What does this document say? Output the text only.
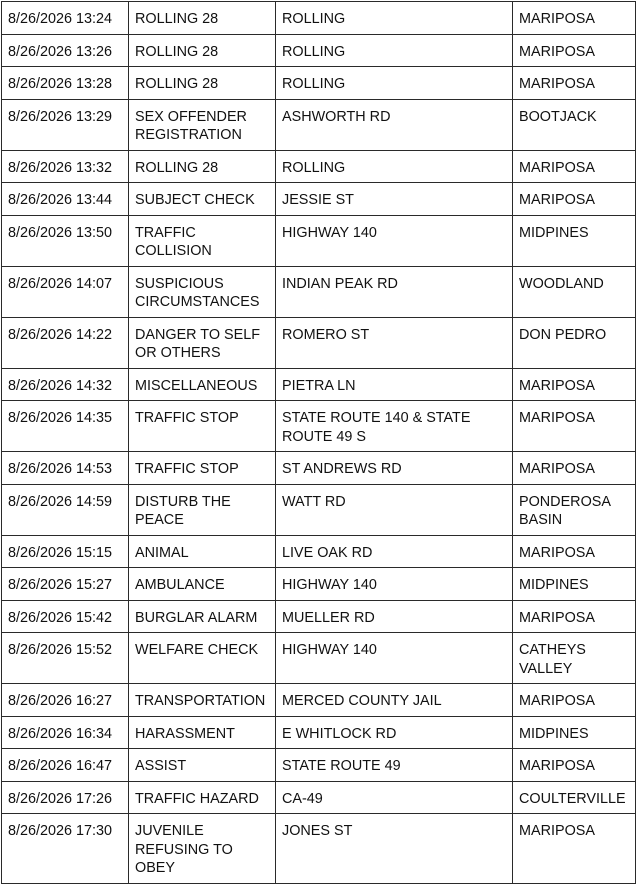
8/26/2026 13:24	ROLLING 28	ROLLING	MARIPOSA

8/26/2026 13:26	ROLLING 28	ROLLING	MARIPOSA

8/26/2026 13:28	ROLLING 28	ROLLING	MARIPOSA

8/26/2026 13:29	SEX OFFENDER
REGISTRATION	ASHWORTH RD	BOOTJACK

8/26/2026 13:32	ROLLING 28	ROLLING	MARIPOSA

8/26/2026 13:44	SUBJECT CHECK	JESSIE ST	MARIPOSA

8/26/2026 13:50	TRAFFIC
COLLISION	HIGHWAY 140	MIDPINES

8/26/2026 14:07	SUSPICIOUS
CIRCUMSTANCES	INDIAN PEAK RD	WOODLAND

8/26/2026 14:22	DANGER TO SELF
OR OTHERS	ROMERO ST	DON PEDRO

8/26/2026 14:32	MISCELLANEOUS	PIETRA LN	MARIPOSA

8/26/2026 14:35	TRAFFIC STOP	STATE ROUTE 140 & STATE
ROUTE 49 S	MARIPOSA

8/26/2026 14:53	TRAFFIC STOP	ST ANDREWS RD	MARIPOSA

8/26/2026 14:59	DISTURB THE
PEACE	WATT RD	PONDEROSA
BASIN

8/26/2026 15:15	ANIMAL	LIVE OAK RD	MARIPOSA

8/26/2026 15:27	AMBULANCE	HIGHWAY 140	MIDPINES

8/26/2026 15:42	BURGLAR ALARM	MUELLER RD	MARIPOSA

8/26/2026 15:52	WELFARE CHECK	HIGHWAY 140	CATHEYS
VALLEY

8/26/2026 16:27	TRANSPORTATION	MERCED COUNTY JAIL	MARIPOSA

8/26/2026 16:34	HARASSMENT	E WHITLOCK RD	MIDPINES

8/26/2026 16:47	ASSIST	STATE ROUTE 49	MARIPOSA

8/26/2026 17:26	TRAFFIC HAZARD	CA-49	COULTERVILLE

8/26/2026 17:30	JUVENILE
REFUSING TO
OBEY	JONES ST	MARIPOSA
